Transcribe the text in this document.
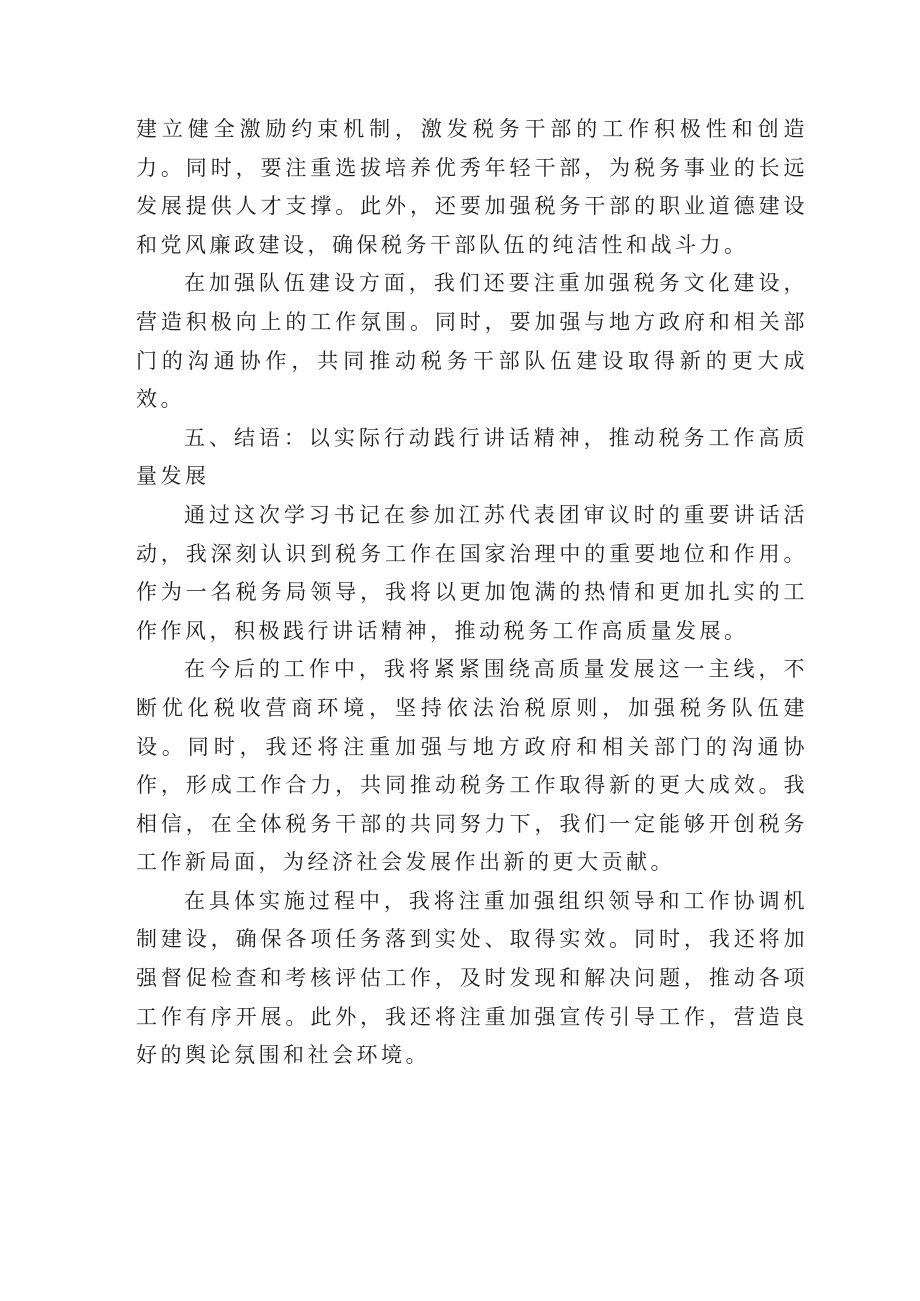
建立健全激励约束机制，激发税务干部的工作积极性和创造力。同时，要注重选拔培养优秀年轻干部，为税务事业的长远发展提供人才支撑。此外，还要加强税务干部的职业道德建设和党风廉政建设，确保税务干部队伍的纯洁性和战斗力。

在加强队伍建设方面，我们还要注重加强税务文化建设，营造积极向上的工作氛围。同时，要加强与地方政府和相关部门的沟通协作，共同推动税务干部队伍建设取得新的更大成效。

五、结语：以实际行动践行讲话精神，推动税务工作高质量发展

通过这次学习书记在参加江苏代表团审议时的重要讲话活动，我深刻认识到税务工作在国家治理中的重要地位和作用。作为一名税务局领导，我将以更加饱满的热情和更加扎实的工作作风，积极践行讲话精神，推动税务工作高质量发展。

在今后的工作中，我将紧紧围绕高质量发展这一主线，不断优化税收营商环境，坚持依法治税原则，加强税务队伍建设。同时，我还将注重加强与地方政府和相关部门的沟通协作，形成工作合力，共同推动税务工作取得新的更大成效。我相信，在全体税务干部的共同努力下，我们一定能够开创税务工作新局面，为经济社会发展作出新的更大贡献。

在具体实施过程中，我将注重加强组织领导和工作协调机制建设，确保各项任务落到实处、取得实效。同时，我还将加强督促检查和考核评估工作，及时发现和解决问题，推动各项工作有序开展。此外，我还将注重加强宣传引导工作，营造良好的舆论氛围和社会环境。
